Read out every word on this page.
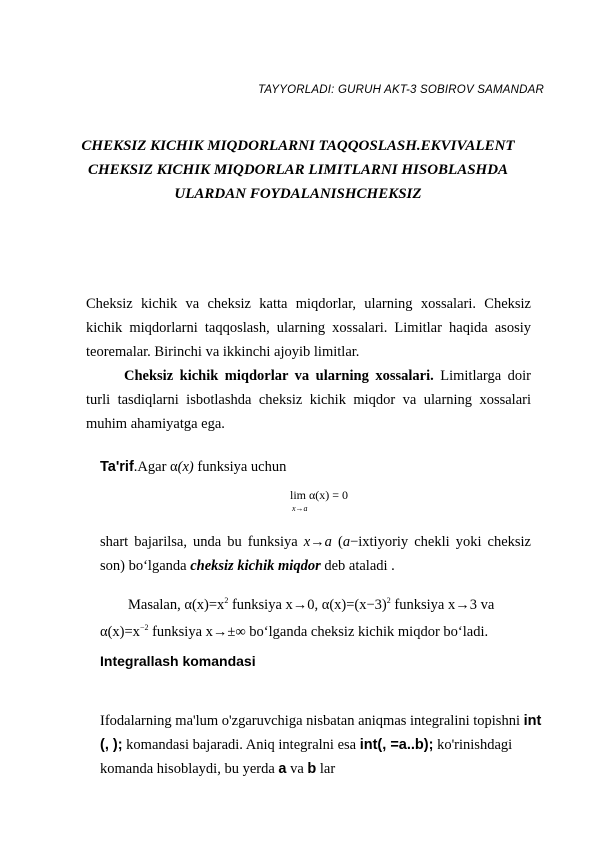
TAYYORLADI: GURUH AKT-3 SOBIROV SAMANDAR
CHEKSIZ KICHIK MIQDORLARNI TAQQOSLASH.EKVIVALENT
CHEKSIZ KICHIK MIQDORLAR LIMITLARNI HISOBLASHDA
ULARDAN FOYDALANISHCHEKSIZ
Cheksiz kichik va cheksiz katta miqdorlar, ularning xossalari. Cheksiz kichik miqdorlarni taqqoslash, ularning xossalari. Limitlar haqida asosiy teoremalar. Birinchi va ikkinchi ajoyib limitlar.
Cheksiz kichik miqdorlar va ularning xossalari. Limitlarga doir turli tasdiqlarni isbotlashda cheksiz kichik miqdor va ularning xossalari muhim ahamiyatga ega.
Ta'rif.Agar α(x) funksiya uchun
lim α(x) = 0
x→a
shart bajarilsa, unda bu funksiya x→a (a−ixtiyoriy chekli yoki cheksiz son) bo‘lganda cheksiz kichik miqdor deb ataladi .
Masalan, $\alpha(x)=x^2$ funksiya x→0, $\alpha(x)=(x-3)^2$ funksiya x→3 va
$\alpha(x)=x^{-2}$ funksiya x→±∞ bo‘lganda cheksiz kichik miqdor bo‘ladi.
Integrallash komandasi
Ifodalarning ma'lum o'zgaruvchiga nisbatan aniqmas integralini topishni int (, ); komandasi bajaradi. Aniq integralni esa int(, =a..b); ko'rinishdagi komanda hisoblaydi, bu yerda a va b lar
